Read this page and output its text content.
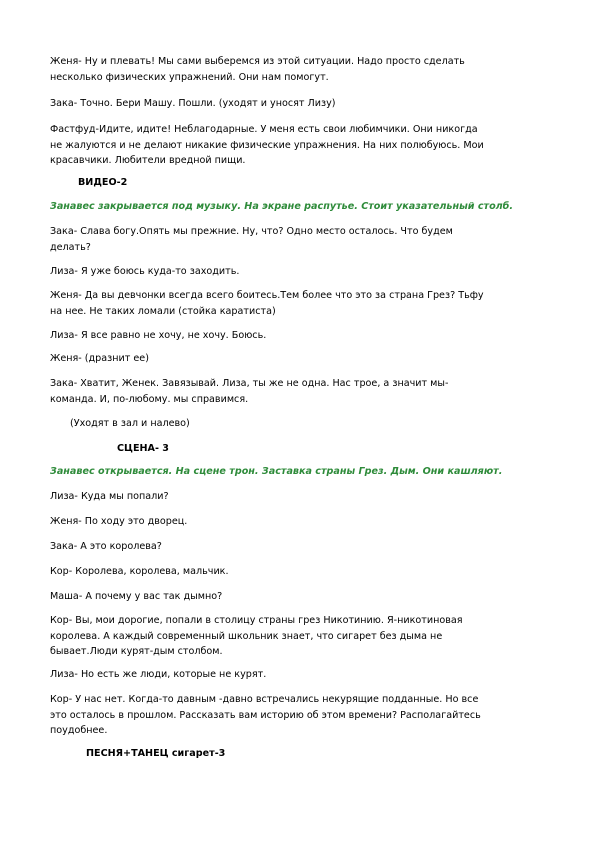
Женя- Ну и плевать! Мы сами выберемся из этой ситуации. Надо просто сделать
несколько физических упражнений. Они нам помогут.

Зака- Точно. Бери Машу. Пошли. (уходят и уносят Лизу)

Фастфуд-Идите, идите! Неблагодарные. У меня есть свои любимчики. Они никогда
не жалуются и не делают никакие физические упражнения. На них полюбуюсь. Мои
красавчики. Любители вредной пищи.

ВИДЕО-2
Занавес закрывается под музыку. На экране распутье. Стоит указательный столб.

Зака- Слава богу.Опять мы прежние. Ну, что? Одно место осталось. Что будем
делать?

Лиза- Я уже боюсь куда-то заходить.

Женя- Да вы девчонки всегда всего боитесь.Тем более что это за страна Грез? Тьфу
на нее. Не таких ломали (стойка каратиста)

Лиза- Я все равно не хочу, не хочу. Боюсь.

Женя- (дразнит ее)

Зака- Хватит, Женек. Завязывай. Лиза, ты же не одна. Нас трое, а значит мы-
команда. И, по-любому. мы справимся.

(Уходят в зал и налево)
СЦЕНА- 3
Занавес открывается. На сцене трон. Заставка страны Грез. Дым. Они кашляют.

Лиза- Куда мы попали?

Женя- По ходу это дворец.

Зака- А это королева?

Кор- Королева, королева, мальчик.

Маша- А почему у вас так дымно?

Кор- Вы, мои дорогие, попали в столицу страны грез Никотинию. Я-никотиновая
королева. А каждый современный школьник знает, что сигарет без дыма не
бывает.Люди курят-дым столбом.

Лиза- Но есть же люди, которые не курят.

Кор- У нас нет. Когда-то давным -давно встречались некурящие подданные. Но все
это осталось в прошлом. Рассказать вам историю об этом времени? Располагайтесь
поудобнее.

ПЕСНЯ+ТАНЕЦ сигарет-3
